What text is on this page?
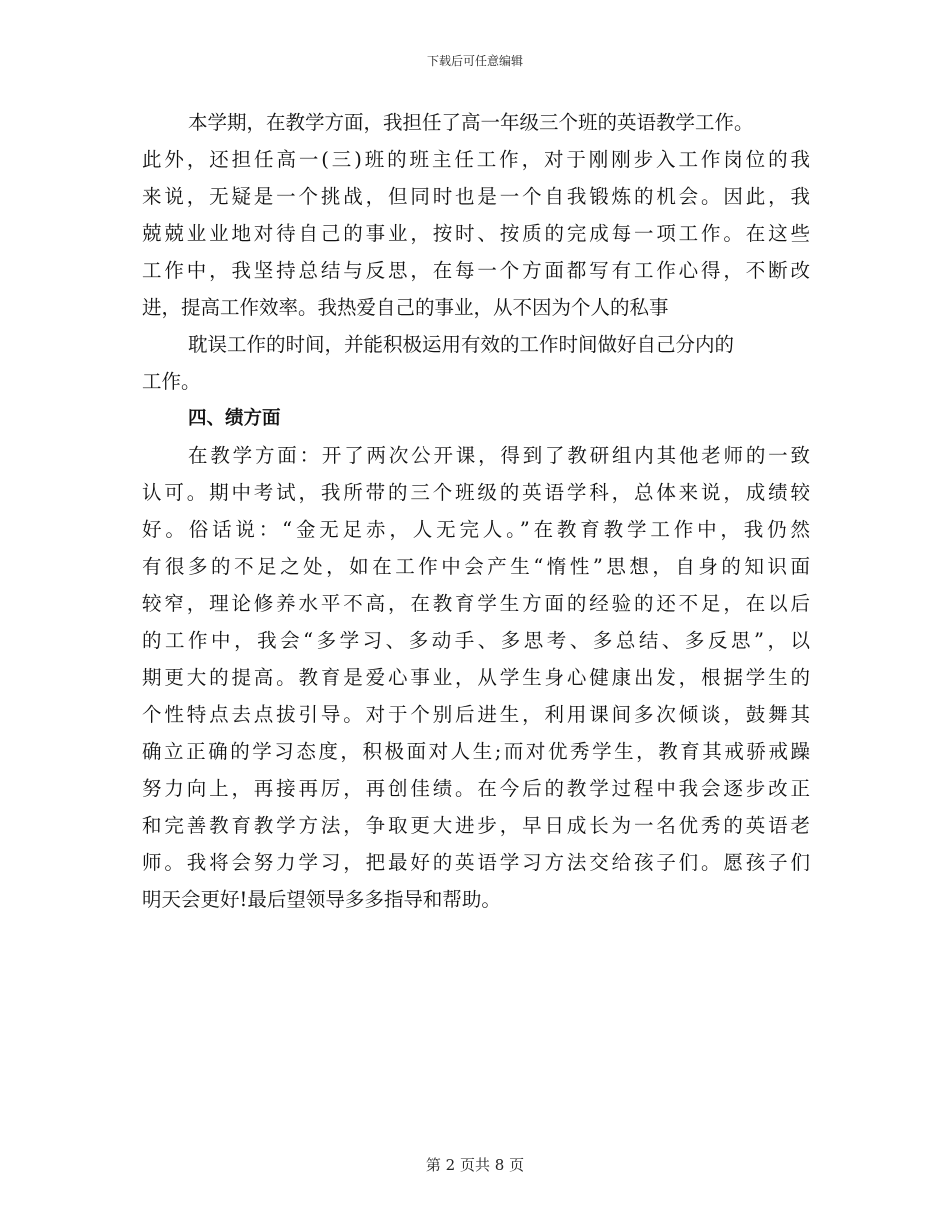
下载后可任意编辑
本学期，在教学方面，我担任了高一年级三个班的英语教学工作。
此外，还担任高一(三)班的班主任工作，对于刚刚步入工作岗位的我
来说，无疑是一个挑战，但同时也是一个自我锻炼的机会。因此，我
兢兢业业地对待自己的事业，按时、按质的完成每一项工作。在这些
工作中，我坚持总结与反思，在每一个方面都写有工作心得，不断改
进，提高工作效率。我热爱自己的事业，从不因为个人的私事
耽误工作的时间，并能积极运用有效的工作时间做好自己分内的
工作。
四、绩方面
在教学方面：开了两次公开课，得到了教研组内其他老师的一致
认可。期中考试，我所带的三个班级的英语学科，总体来说，成绩较
好。俗话说：“金无足赤，人无完人。”在教育教学工作中，我仍然
有很多的不足之处，如在工作中会产生“惰性”思想，自身的知识面
较窄，理论修养水平不高，在教育学生方面的经验的还不足，在以后
的工作中，我会“多学习、多动手、多思考、多总结、多反思”，以
期更大的提高。教育是爱心事业，从学生身心健康出发，根据学生的
个性特点去点拔引导。对于个别后进生，利用课间多次倾谈，鼓舞其
确立正确的学习态度，积极面对人生;而对优秀学生，教育其戒骄戒躁
努力向上，再接再厉，再创佳绩。在今后的教学过程中我会逐步改正
和完善教育教学方法，争取更大进步，早日成长为一名优秀的英语老
师。我将会努力学习，把最好的英语学习方法交给孩子们。愿孩子们
明天会更好!最后望领导多多指导和帮助。
第 2 页共 8 页
